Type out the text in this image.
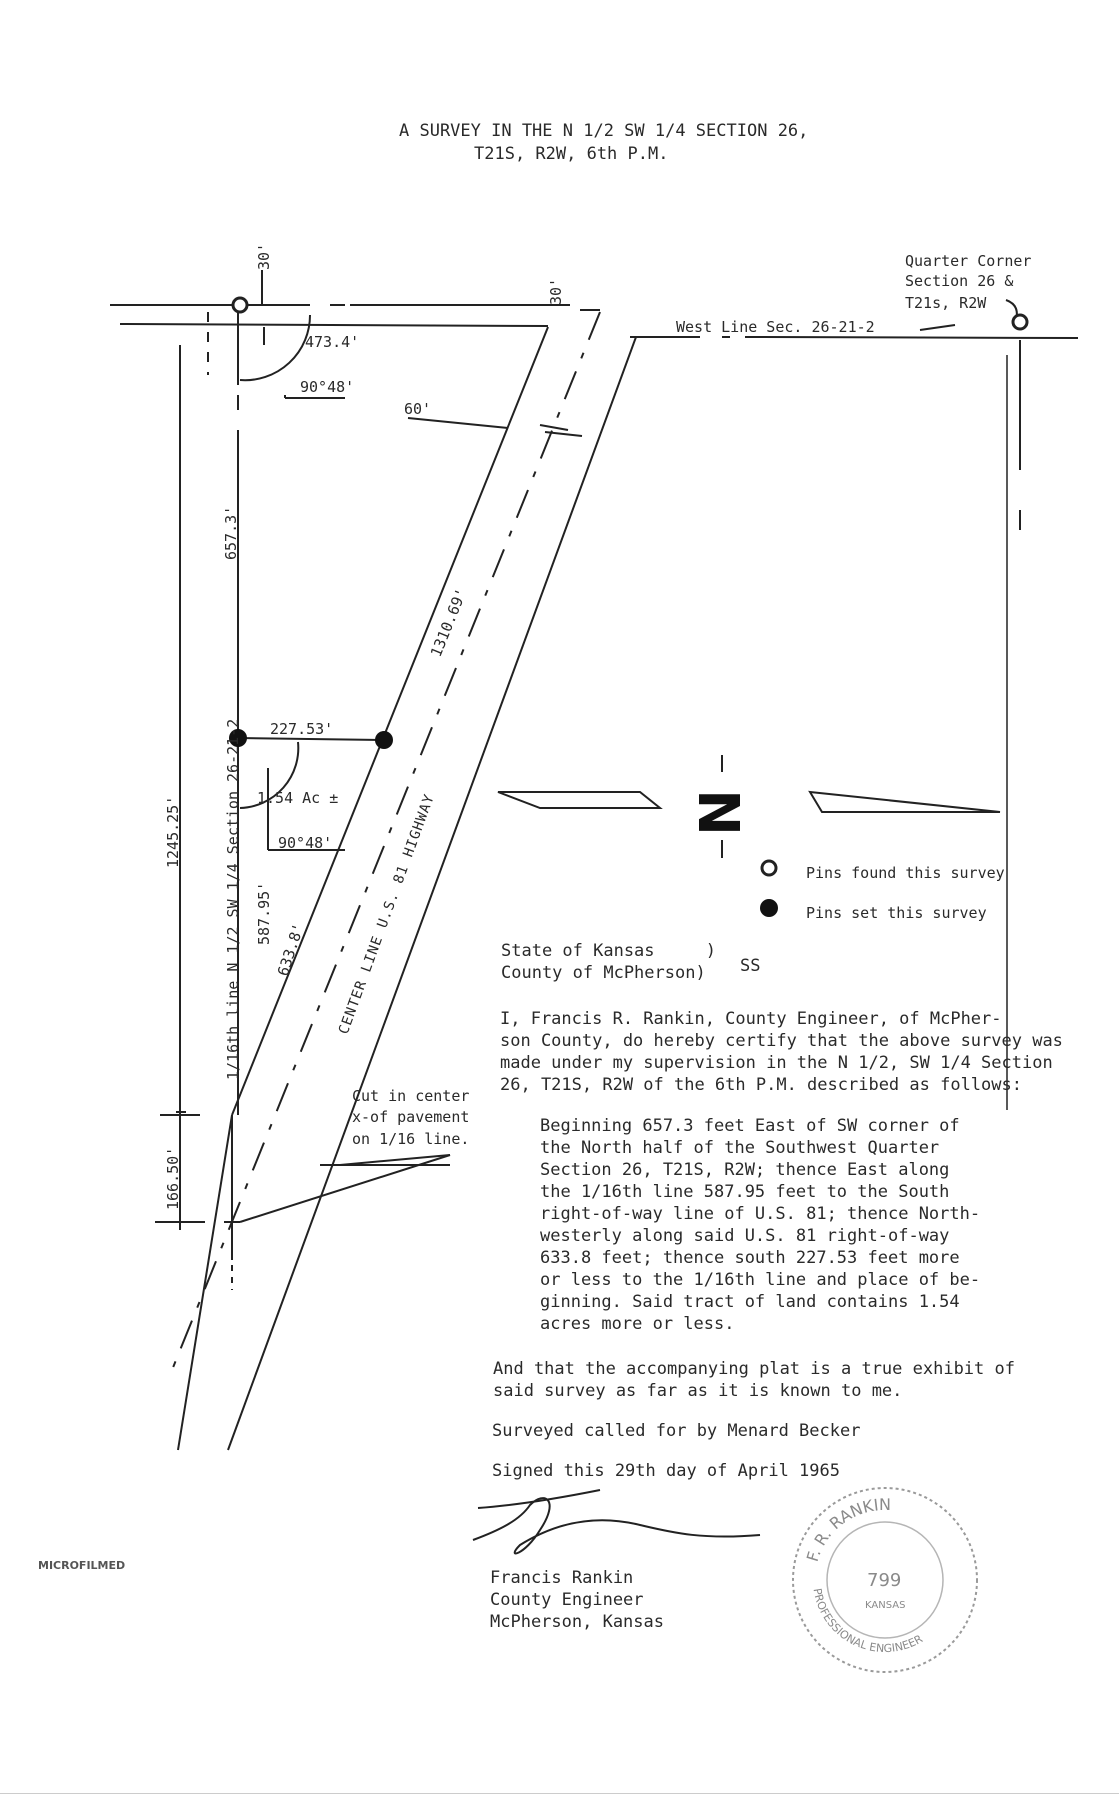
A SURVEY IN THE N 1/2 SW 1/4 SECTION 26,
T21S, R2W, 6th P.M.
N
30'
30'
473.4'
90°48'
60'
657.3'
1310.69'
227.53'
1.54 Ac ±
90°48'
1245.25'
587.95'
633.8'
166.50'
1/16th line N 1/2 SW 1/4 Section 26-21-2	CENTER LINE U.S. 81 HIGHWAY
Quarter Corner
Section 26 &
T21s, R2W
West Line Sec. 26-21-2
Cut in center
x-of pavement
on 1/16 line.
Pins found this survey
Pins set this survey
State of Kansas     )
County of McPherson) SS
I, Francis R. Rankin, County Engineer, of McPher-
son County, do hereby certify that the above survey was
made under my supervision in the N 1/2, SW 1/4 Section
26, T21S, R2W of the 6th P.M. described as follows:
Beginning 657.3 feet East of SW corner of
the North half of the Southwest Quarter
Section 26, T21S, R2W; thence East along
the 1/16th line 587.95 feet to the South
right-of-way line of U.S. 81; thence North-
westerly along said U.S. 81 right-of-way
633.8 feet; thence south 227.53 feet more
or less to the 1/16th line and place of be-
ginning. Said tract of land contains 1.54
acres more or less.
And that the accompanying plat is a true exhibit of
said survey as far as it is known to me.
Surveyed called for by Menard Becker
Signed this 29th day of April 1965
Francis Rankin
County Engineer
McPherson, Kansas
F. R. RANKIN
PROFESSIONAL ENGINEER
799
KANSAS
MICROFILMED
